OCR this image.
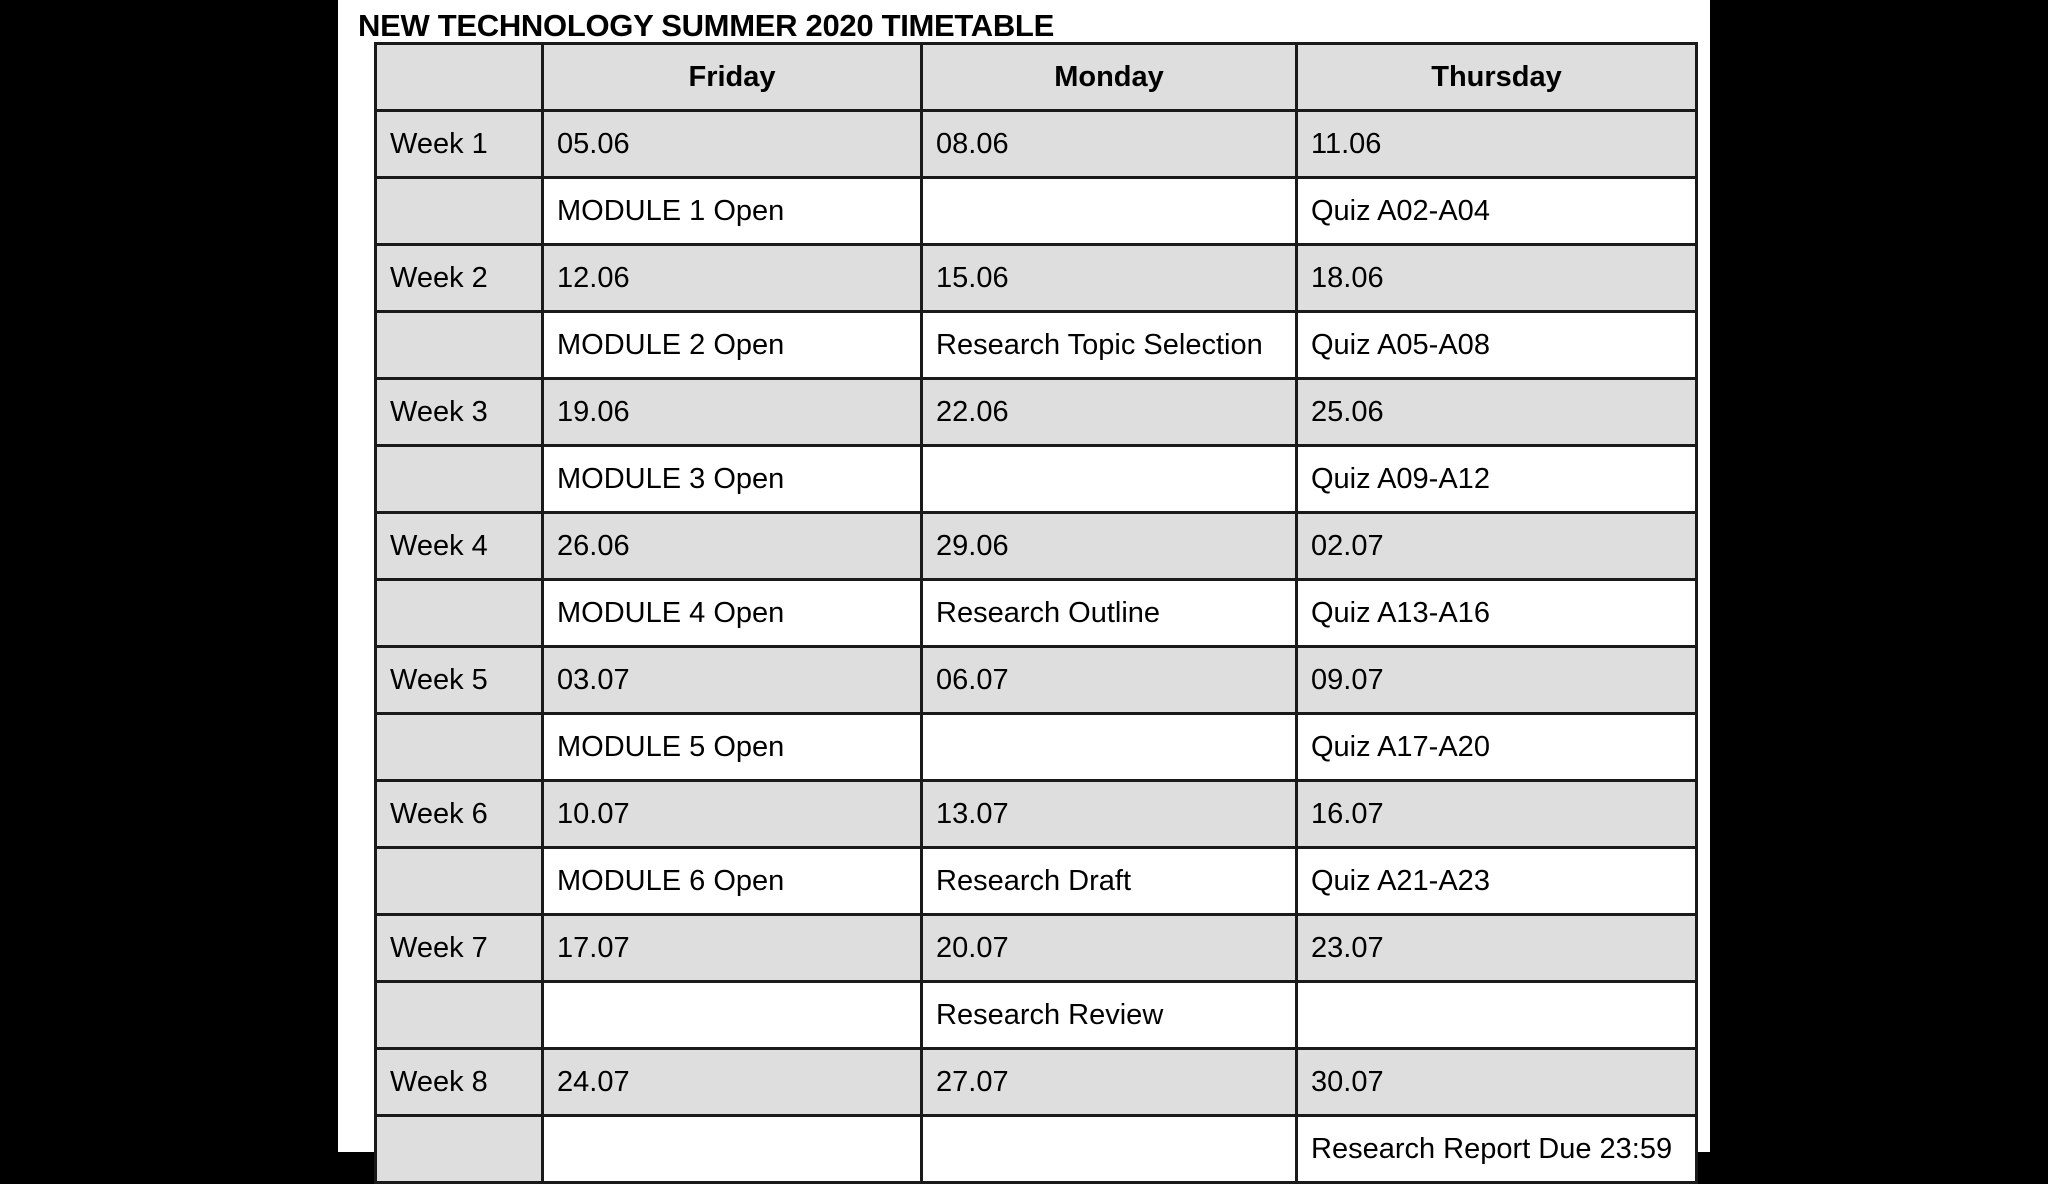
NEW TECHNOLOGY SUMMER 2020 TIMETABLE
	Friday	Monday	Thursday
Week 1	05.06	08.06	11.06
	MODULE 1 Open		Quiz A02-A04
Week 2	12.06	15.06	18.06
	MODULE 2 Open	Research Topic Selection	Quiz A05-A08
Week 3	19.06	22.06	25.06
	MODULE 3 Open		Quiz A09-A12
Week 4	26.06	29.06	02.07
	MODULE 4 Open	Research Outline	Quiz A13-A16
Week 5	03.07	06.07	09.07
	MODULE 5 Open		Quiz A17-A20
Week 6	10.07	13.07	16.07
	MODULE 6 Open	Research Draft	Quiz A21-A23
Week 7	17.07	20.07	23.07
		Research Review	
Week 8	24.07	27.07	30.07
			Research Report Due 23:59
